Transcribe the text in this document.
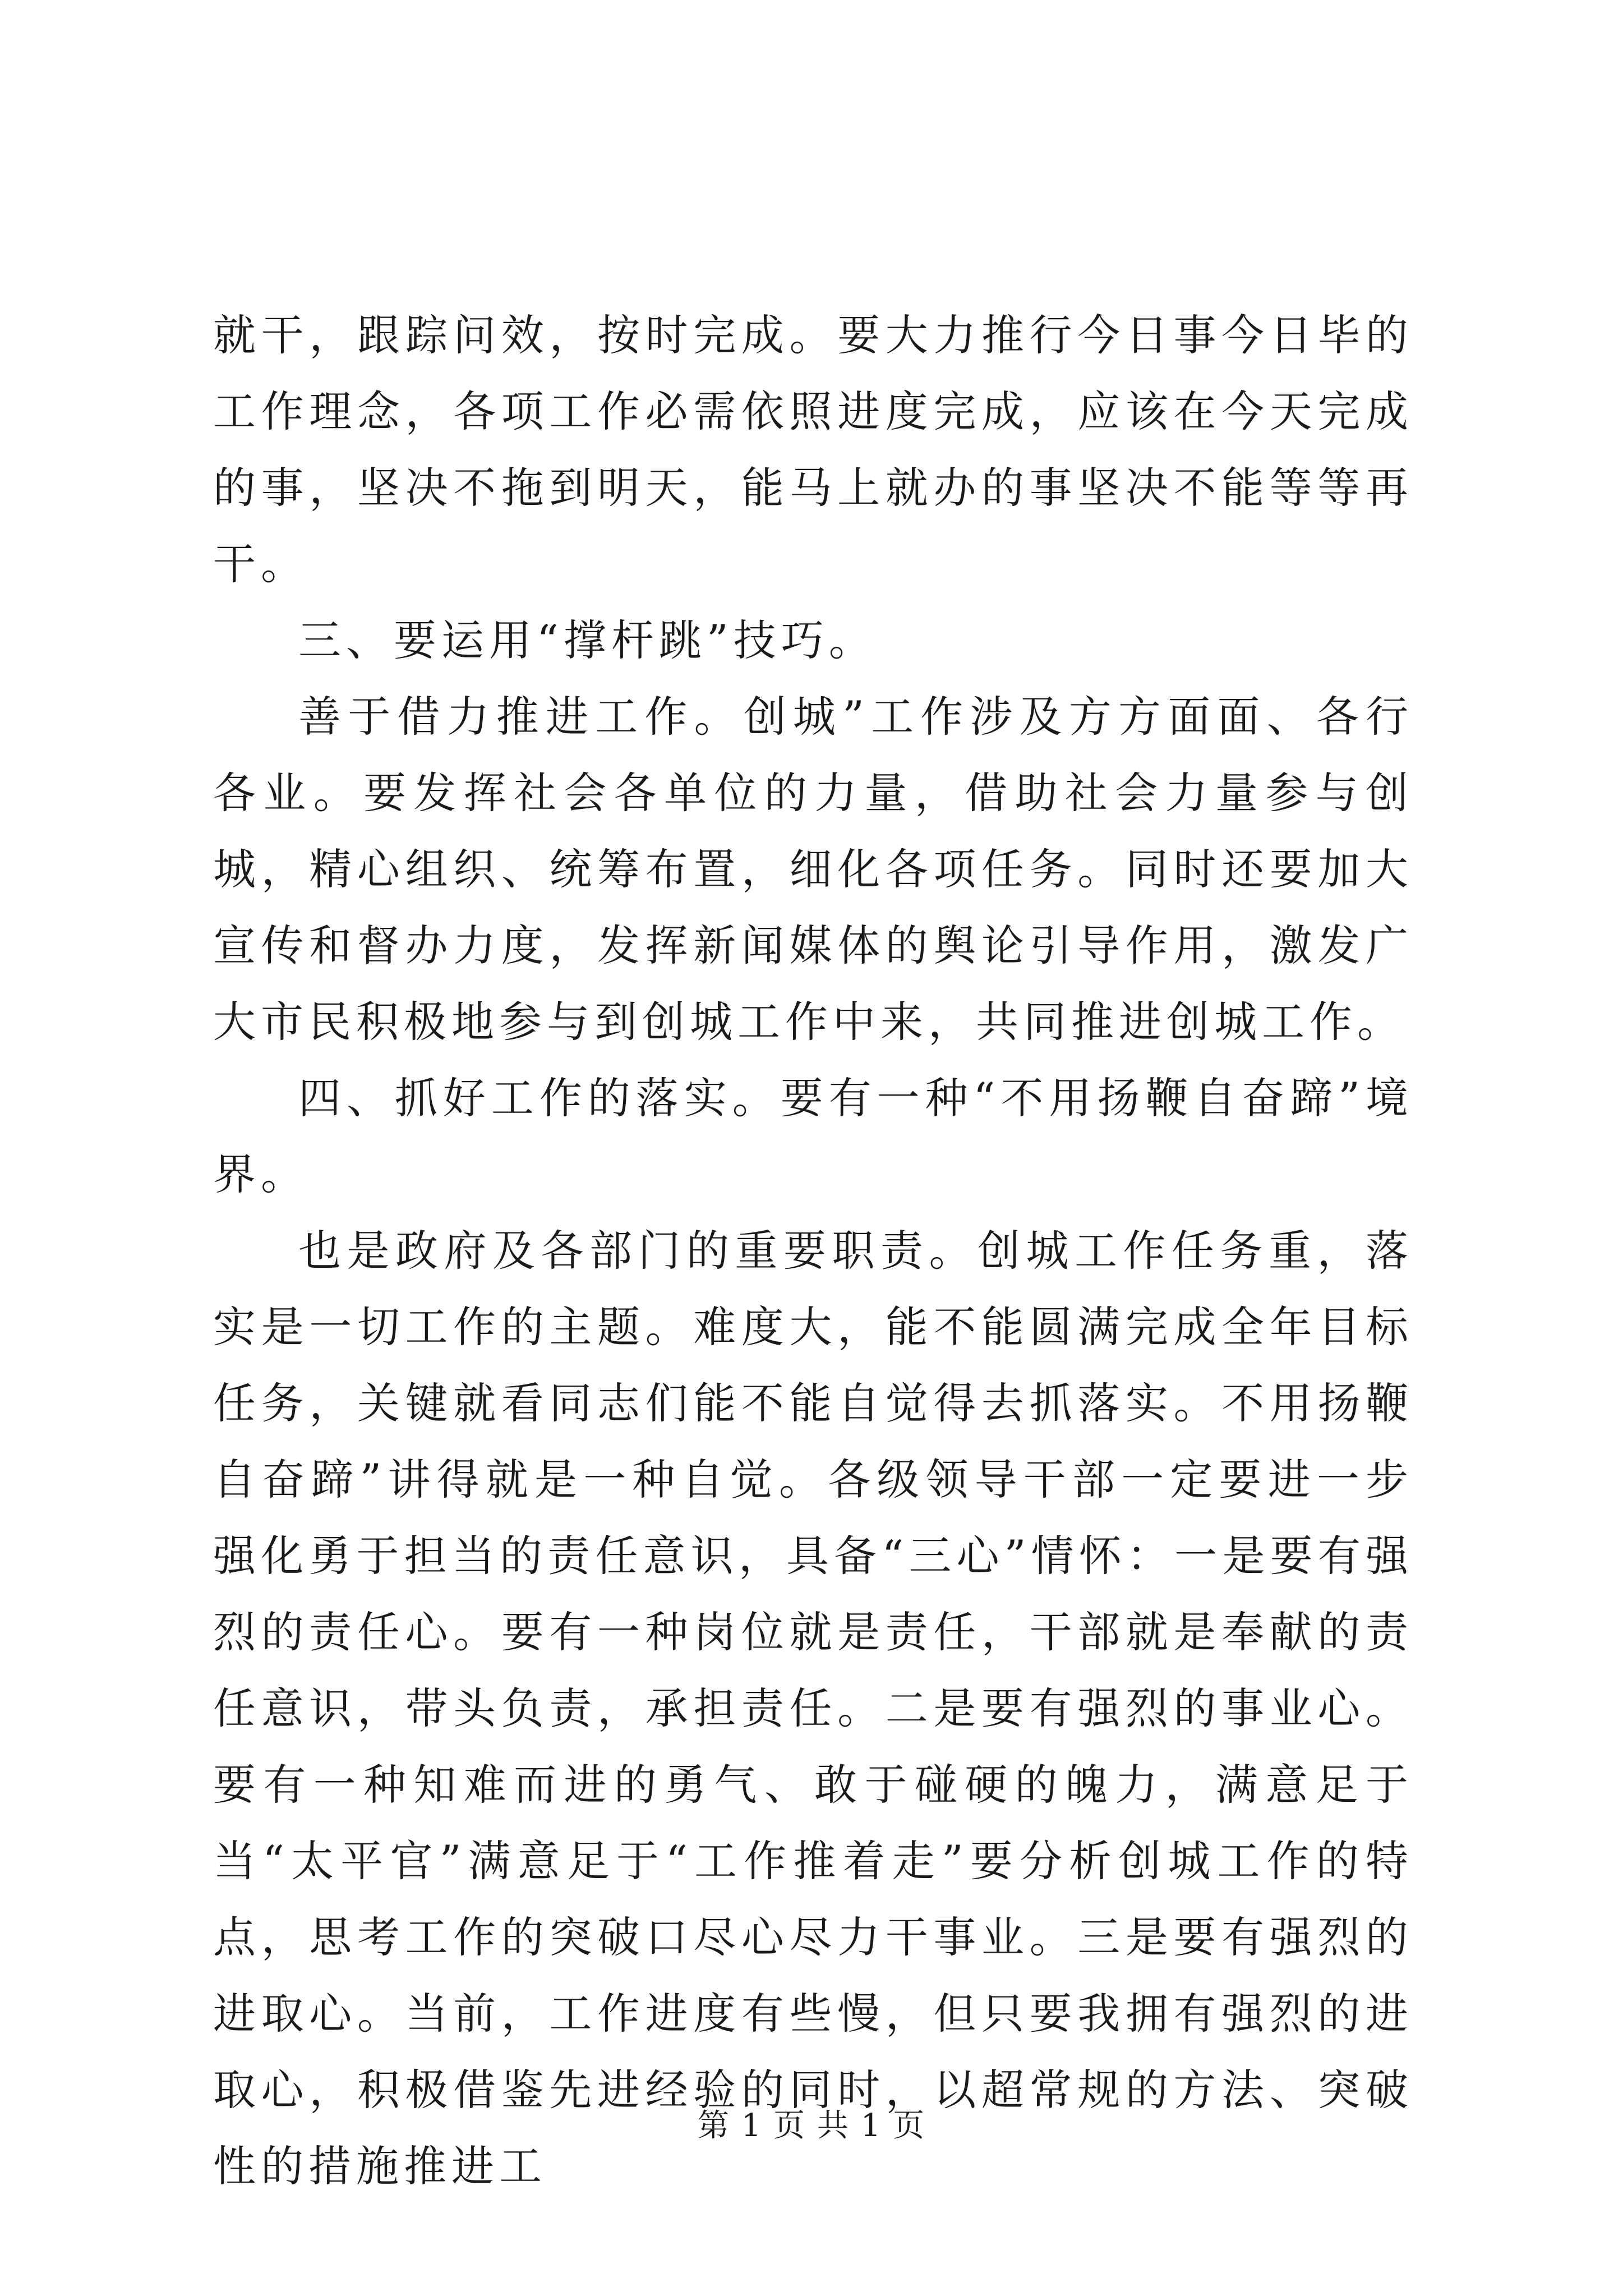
就干，跟踪问效，按时完成。要大力推行今日事今日毕的工作理念，各项工作必需依照进度完成，应该在今天完成的事，坚决不拖到明天，能马上就办的事坚决不能等等再干。

三、要运用“撑杆跳”技巧。

善于借力推进工作。创城”工作涉及方方面面、各行各业。要发挥社会各单位的力量，借助社会力量参与创城，精心组织、统筹布置，细化各项任务。同时还要加大宣传和督办力度，发挥新闻媒体的舆论引导作用，激发广大市民积极地参与到创城工作中来，共同推进创城工作。

四、抓好工作的落实。要有一种“不用扬鞭自奋蹄”境界。

也是政府及各部门的重要职责。创城工作任务重，落实是一切工作的主题。难度大，能不能圆满完成全年目标任务，关键就看同志们能不能自觉得去抓落实。不用扬鞭自奋蹄”讲得就是一种自觉。各级领导干部一定要进一步强化勇于担当的责任意识，具备“三心”情怀：一是要有强烈的责任心。要有一种岗位就是责任，干部就是奉献的责任意识，带头负责，承担责任。二是要有强烈的事业心。要有一种知难而进的勇气、敢于碰硬的魄力，满意足于当“太平官”满意足于“工作推着走”要分析创城工作的特点，思考工作的突破口尽心尽力干事业。三是要有强烈的进取心。当前，工作进度有些慢，但只要我拥有强烈的进取心，积极借鉴先进经验的同时，以超常规的方法、突破性的措施推进工

第 1 页 共 1 页
